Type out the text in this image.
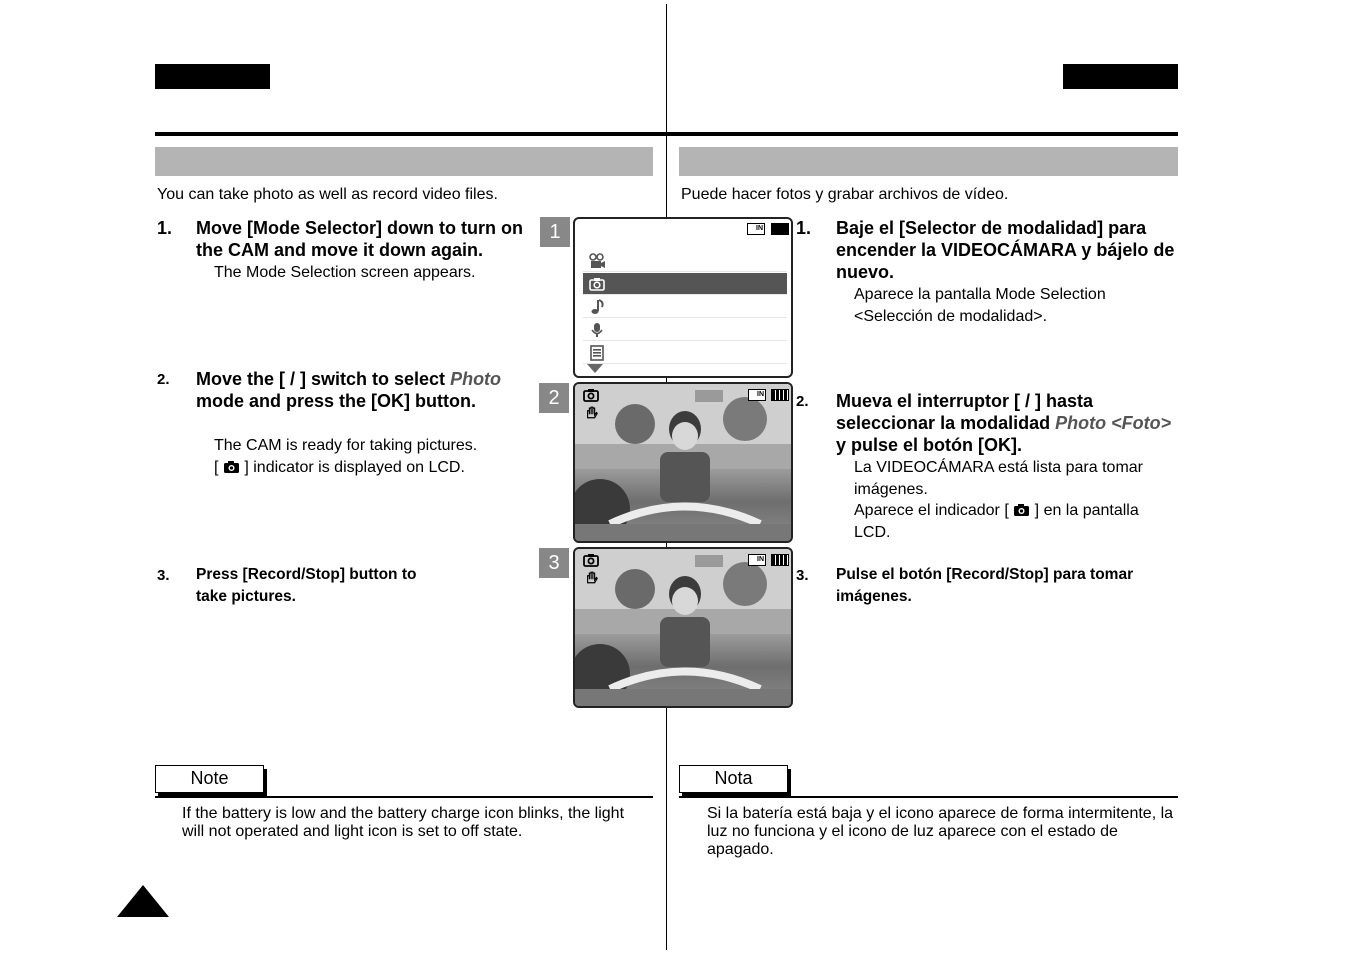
You can take photo as well as record video files.
1. Move [Mode Selector] down to turn on the CAM and move it down again.
The Mode Selection screen appears.
2. Move the [ / ] switch to select Photo mode and press the [OK] button.
The CAM is ready for taking pictures.
[ ] indicator is displayed on LCD.
3. Press [Record/Stop] button to take pictures.
Note
If the battery is low and the battery charge icon blinks, the light will not operated and light icon is set to off state.
Puede hacer fotos y grabar archivos de vídeo.
1. Baje el [Selector de modalidad] para encender la VIDEOCÁMARA y bájelo de nuevo.
Aparece la pantalla Mode Selection <Selección de modalidad>.
2. Mueva el interruptor [ / ] hasta seleccionar la modalidad Photo <Foto> y pulse el botón [OK].
La VIDEOCÁMARA está lista para tomar imágenes.
Aparece el indicador [ ] en la pantalla LCD.
3. Pulse el botón [Record/Stop] para tomar imágenes.
Nota
Si la batería está baja y el icono aparece de forma intermitente, la luz no funciona y el icono de luz aparece con el estado de apagado.
1
2
3
IN
IN
IN
